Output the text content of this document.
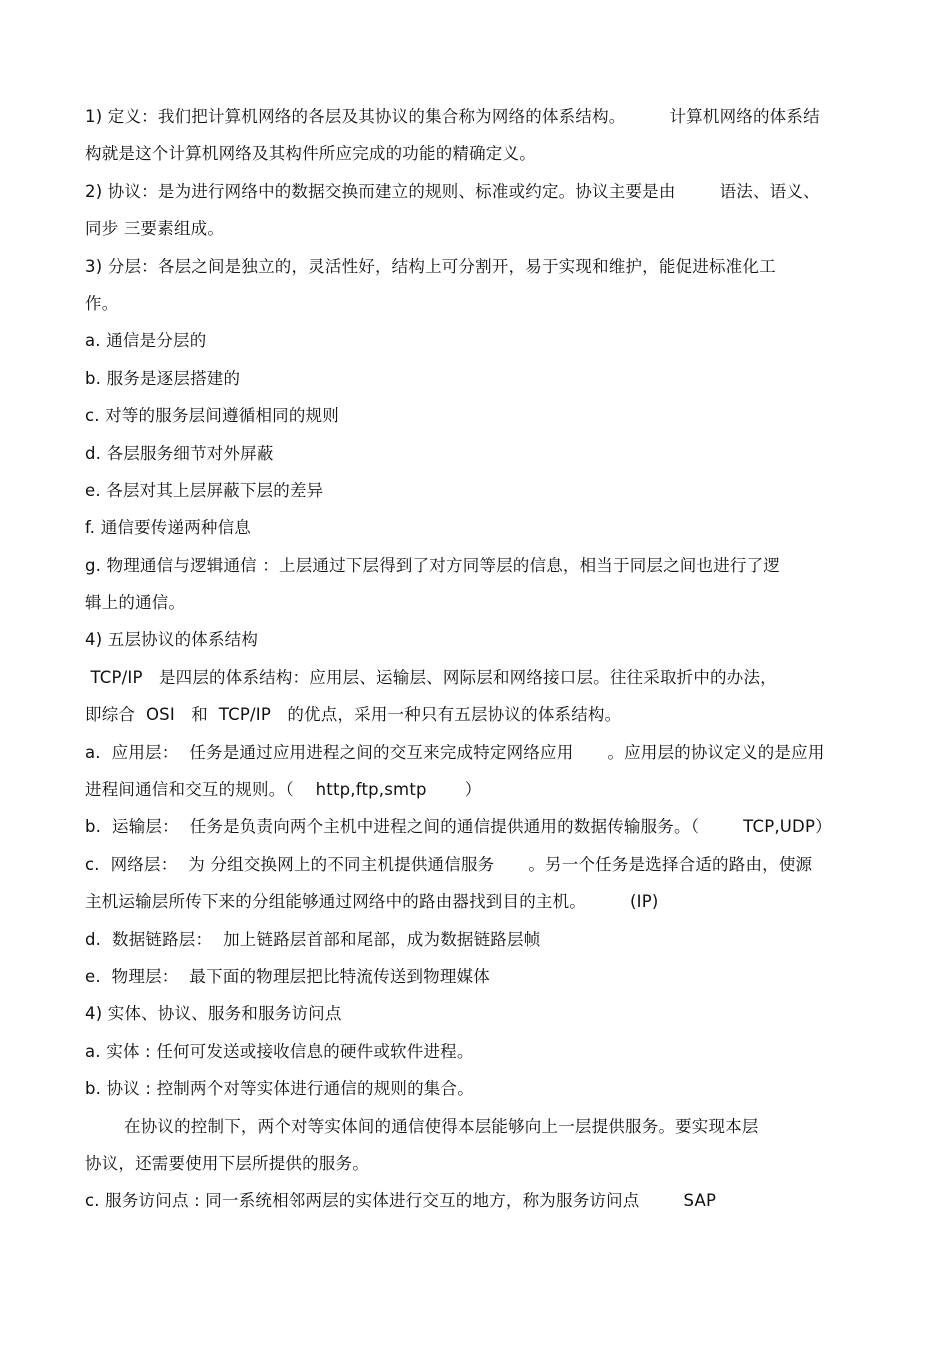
1) 定义：我们把计算机网络的各层及其协议的集合称为网络的体系结构。	计算机网络的体系结
构就是这个计算机网络及其构件所应完成的功能的精确定义。
2) 协议：是为进行网络中的数据交换而建立的规则、标准或约定。协议主要是由	语法、语义、
同步 三要素组成。
3) 分层：各层之间是独立的，灵活性好，结构上可分割开，易于实现和维护，能促进标准化工
作。
a. 通信是分层的
b. 服务是逐层搭建的
c. 对等的服务层间遵循相同的规则
d. 各层服务细节对外屏蔽
e. 各层对其上层屏蔽下层的差异
f. 通信要传递两种信息
g. 物理通信与逻辑通信 ：上层通过下层得到了对方同等层的信息，相当于同层之间也进行了逻
辑上的通信。
4) 五层协议的体系结构
TCP/IP   是四层的体系结构：应用层、运输层、网际层和网络接口层。往往采取折中的办法，
即综合  OSI   和  TCP/IP   的优点，采用一种只有五层协议的体系结构。
a.  应用层：  任务是通过应用进程之间的交互来完成特定网络应用 。应用层的协议定义的是应用
进程间通信和交互的规则。（    http,ftp,smtp       ）
b.  运输层：  任务是负责向两个主机中进程之间的通信提供通用的数据传输服务。（	TCP,UDP）
c.  网络层：  为 分组交换网上的不同主机提供通信服务 。另一个任务是选择合适的路由，使源
主机运输层所传下来的分组能够通过网络中的路由器找到目的主机。	(IP)
d.  数据链路层：  加上链路层首部和尾部，成为数据链路层帧
e.  物理层：  最下面的物理层把比特流传送到物理媒体
4) 实体、协议、服务和服务访问点
a. 实体 : 任何可发送或接收信息的硬件或软件进程。
b. 协议 : 控制两个对等实体进行通信的规则的集合。
在协议的控制下，两个对等实体间的通信使得本层能够向上一层提供服务。要实现本层
协议，还需要使用下层所提供的服务。
c. 服务访问点 : 同一系统相邻两层的实体进行交互的地方，称为服务访问点	SAP
